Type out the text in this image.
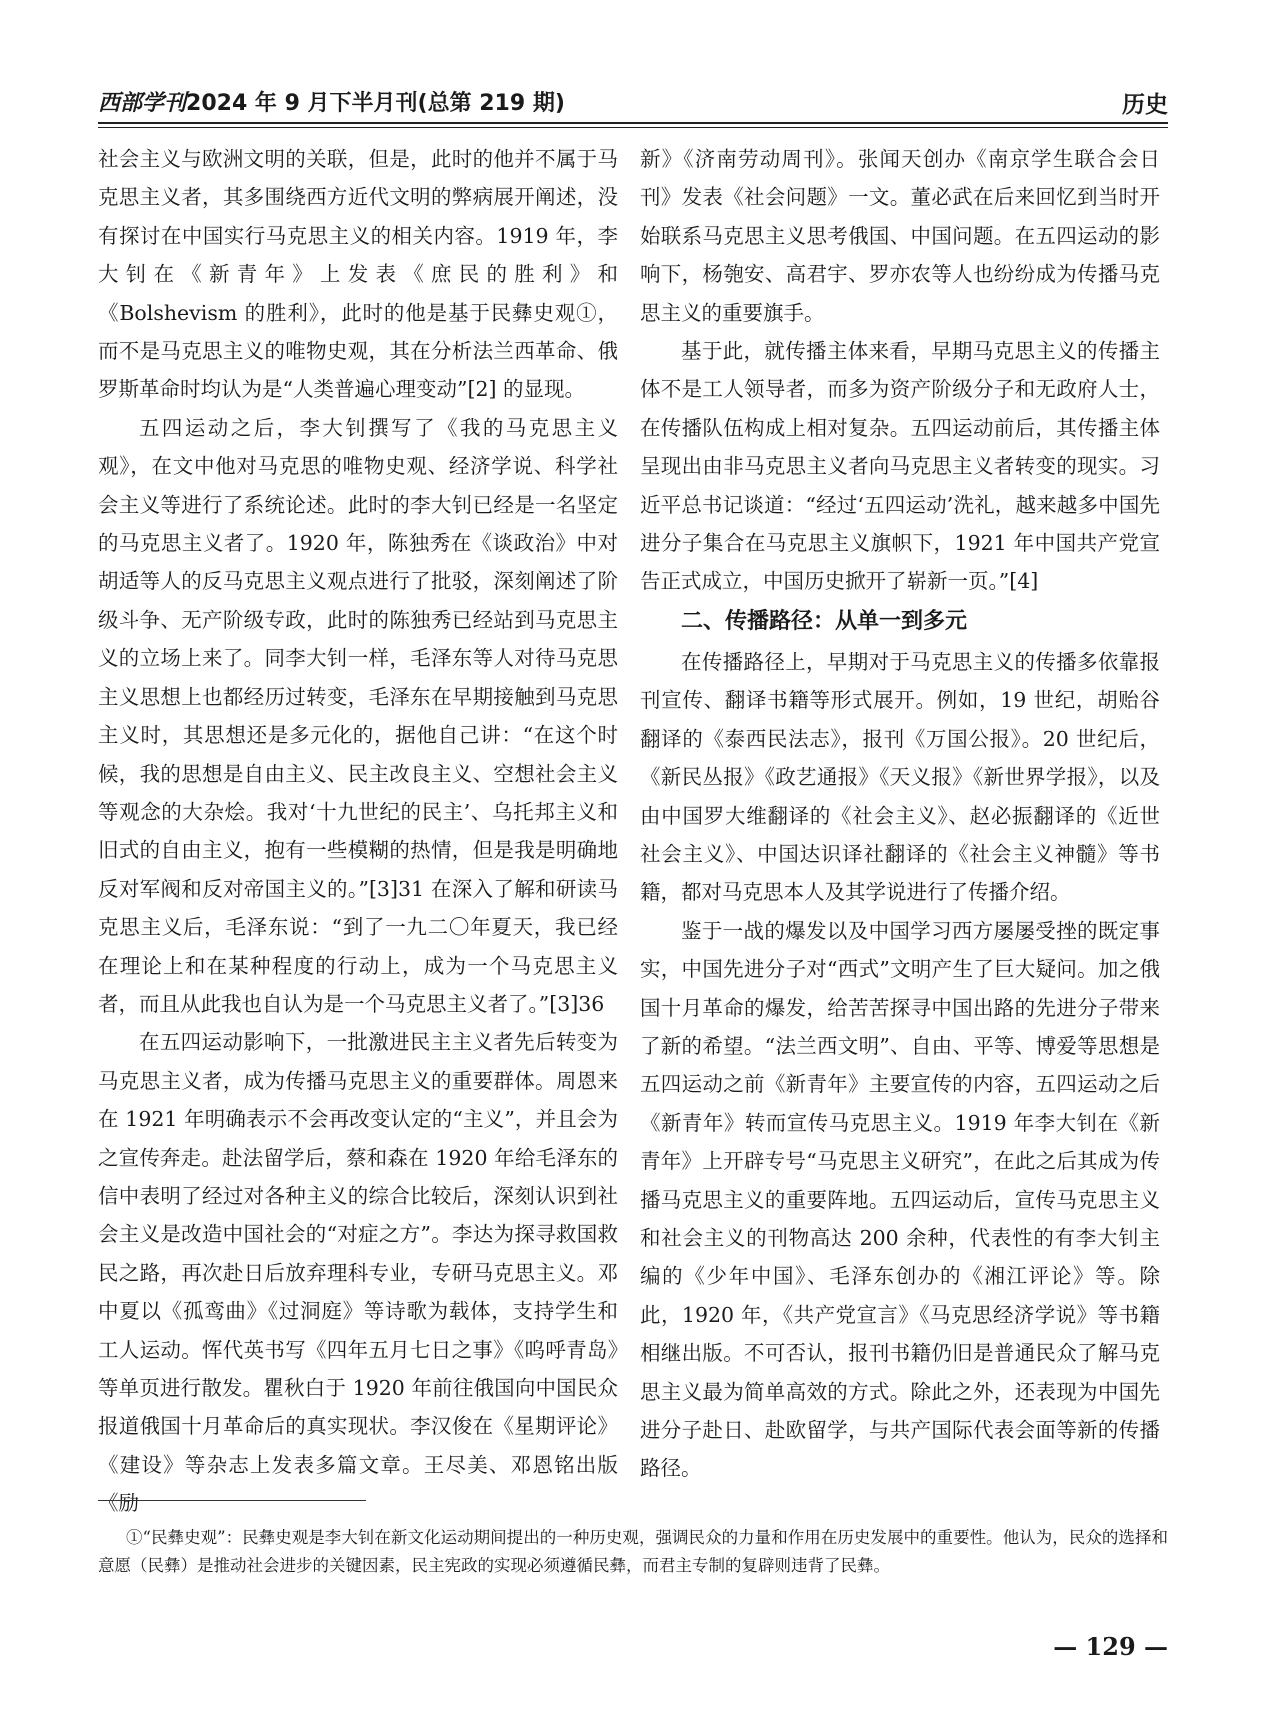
西部学刊2024 年 9 月下半月刊(总第 219 期)	历史

社会主义与欧洲文明的关联，但是，此时的他并不属于马克思主义者，其多围绕西方近代文明的弊病展开阐述，没有探讨在中国实行马克思主义的相关内容。1919 年，李大钊在《新青年》上发表《庶民的胜利》和《Bolshevism 的胜利》，此时的他是基于民彝史观①，而不是马克思主义的唯物史观，其在分析法兰西革命、俄罗斯革命时均认为是“人类普遍心理变动”[2] 的显现。

五四运动之后，李大钊撰写了《我的马克思主义观》，在文中他对马克思的唯物史观、经济学说、科学社会主义等进行了系统论述。此时的李大钊已经是一名坚定的马克思主义者了。1920 年，陈独秀在《谈政治》中对胡适等人的反马克思主义观点进行了批驳，深刻阐述了阶级斗争、无产阶级专政，此时的陈独秀已经站到马克思主义的立场上来了。同李大钊一样，毛泽东等人对待马克思主义思想上也都经历过转变，毛泽东在早期接触到马克思主义时，其思想还是多元化的，据他自己讲：“在这个时候，我的思想是自由主义、民主改良主义、空想社会主义等观念的大杂烩。我对‘十九世纪的民主’、乌托邦主义和旧式的自由主义，抱有一些模糊的热情，但是我是明确地反对军阀和反对帝国主义的。”[3]31 在深入了解和研读马克思主义后，毛泽东说：“到了一九二〇年夏天，我已经在理论上和在某种程度的行动上，成为一个马克思主义者，而且从此我也自认为是一个马克思主义者了。”[3]36

在五四运动影响下，一批激进民主主义者先后转变为马克思主义者，成为传播马克思主义的重要群体。周恩来在 1921 年明确表示不会再改变认定的“主义”，并且会为之宣传奔走。赴法留学后，蔡和森在 1920 年给毛泽东的信中表明了经过对各种主义的综合比较后，深刻认识到社会主义是改造中国社会的“对症之方”。李达为探寻救国救民之路，再次赴日后放弃理科专业，专研马克思主义。邓中夏以《孤鸾曲》《过洞庭》等诗歌为载体，支持学生和工人运动。恽代英书写《四年五月七日之事》《呜呼青岛》等单页进行散发。瞿秋白于 1920 年前往俄国向中国民众报道俄国十月革命后的真实现状。李汉俊在《星期评论》《建设》等杂志上发表多篇文章。王尽美、邓恩铭出版《励

新》《济南劳动周刊》。张闻天创办《南京学生联合会日刊》发表《社会问题》一文。董必武在后来回忆到当时开始联系马克思主义思考俄国、中国问题。在五四运动的影响下，杨匏安、高君宇、罗亦农等人也纷纷成为传播马克思主义的重要旗手。

基于此，就传播主体来看，早期马克思主义的传播主体不是工人领导者，而多为资产阶级分子和无政府人士，在传播队伍构成上相对复杂。五四运动前后，其传播主体呈现出由非马克思主义者向马克思主义者转变的现实。习近平总书记谈道：“经过‘五四运动’洗礼，越来越多中国先进分子集合在马克思主义旗帜下，1921 年中国共产党宣告正式成立，中国历史掀开了崭新一页。”[4]

二、传播路径：从单一到多元

在传播路径上，早期对于马克思主义的传播多依靠报刊宣传、翻译书籍等形式展开。例如，19 世纪，胡贻谷翻译的《泰西民法志》，报刊《万国公报》。20 世纪后，《新民丛报》《政艺通报》《天义报》《新世界学报》，以及由中国罗大维翻译的《社会主义》、赵必振翻译的《近世社会主义》、中国达识译社翻译的《社会主义神髓》等书籍，都对马克思本人及其学说进行了传播介绍。

鉴于一战的爆发以及中国学习西方屡屡受挫的既定事实，中国先进分子对“西式”文明产生了巨大疑问。加之俄国十月革命的爆发，给苦苦探寻中国出路的先进分子带来了新的希望。“法兰西文明”、自由、平等、博爱等思想是五四运动之前《新青年》主要宣传的内容，五四运动之后《新青年》转而宣传马克思主义。1919 年李大钊在《新青年》上开辟专号“马克思主义研究”，在此之后其成为传播马克思主义的重要阵地。五四运动后，宣传马克思主义和社会主义的刊物高达 200 余种，代表性的有李大钊主编的《少年中国》、毛泽东创办的《湘江评论》等。除此，1920 年，《共产党宣言》《马克思经济学说》等书籍相继出版。不可否认，报刊书籍仍旧是普通民众了解马克思主义最为简单高效的方式。除此之外，还表现为中国先进分子赴日、赴欧留学，与共产国际代表会面等新的传播路径。

①“民彝史观”：民彝史观是李大钊在新文化运动期间提出的一种历史观，强调民众的力量和作用在历史发展中的重要性。他认为，民众的选择和意愿（民彝）是推动社会进步的关键因素，民主宪政的实现必须遵循民彝，而君主专制的复辟则违背了民彝。
— 129 —
